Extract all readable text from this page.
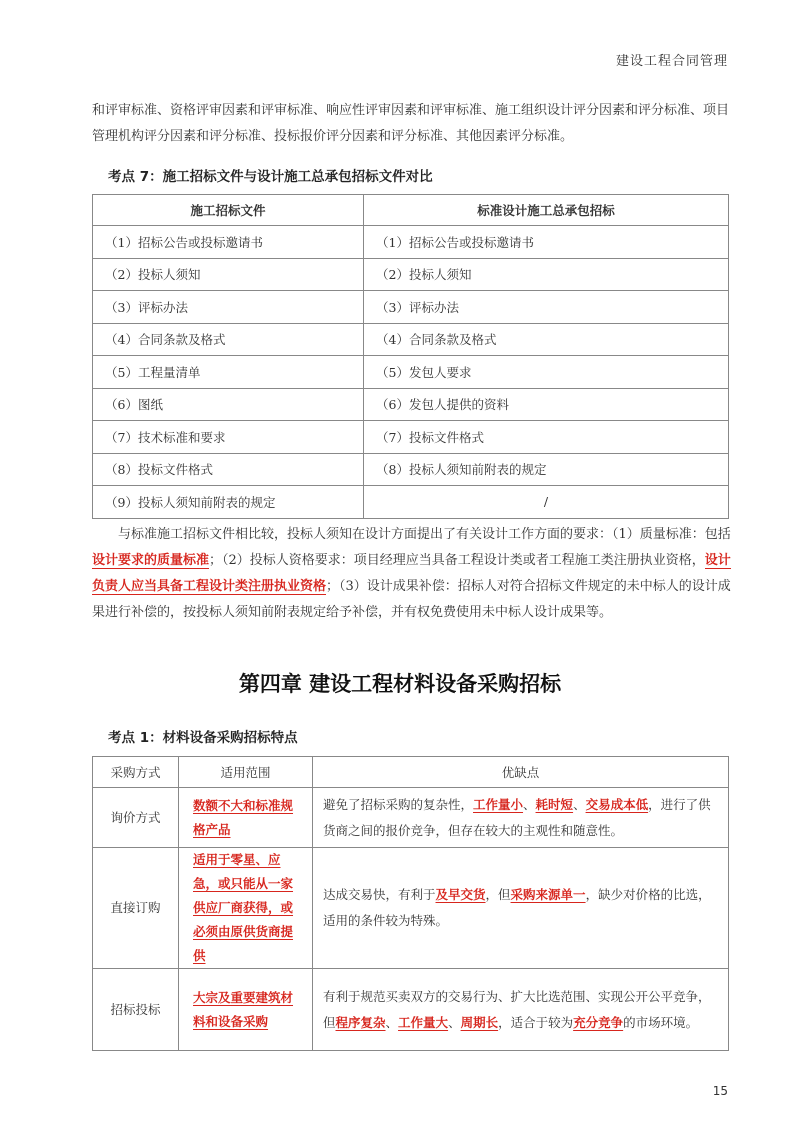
建设工程合同管理
和评审标准、资格评审因素和评审标准、响应性评审因素和评审标准、施工组织设计评分因素和评分标准、项目管理机构评分因素和评分标准、投标报价评分因素和评分标准、其他因素评分标准。
考点 7：施工招标文件与设计施工总承包招标文件对比
施工招标文件	标准设计施工总承包招标
（1）招标公告或投标邀请书	（1）招标公告或投标邀请书
（2）投标人须知	（2）投标人须知
（3）评标办法	（3）评标办法
（4）合同条款及格式	（4）合同条款及格式
（5）工程量清单	（5）发包人要求
（6）图纸	（6）发包人提供的资料
（7）技术标准和要求	（7）投标文件格式
（8）投标文件格式	（8）投标人须知前附表的规定
（9）投标人须知前附表的规定	/
与标准施工招标文件相比较，投标人须知在设计方面提出了有关设计工作方面的要求：（1）质量标准：包括设计要求的质量标准；（2）投标人资格要求：项目经理应当具备工程设计类或者工程施工类注册执业资格，设计负责人应当具备工程设计类注册执业资格；（3）设计成果补偿：招标人对符合招标文件规定的未中标人的设计成果进行补偿的，按投标人须知前附表规定给予补偿，并有权免费使用未中标人设计成果等。
第四章 建设工程材料设备采购招标
考点 1：材料设备采购招标特点
采购方式	适用范围	优缺点
询价方式	数额不大和标准规格产品	避免了招标采购的复杂性，工作量小、耗时短、交易成本低，进行了供货商之间的报价竞争，但存在较大的主观性和随意性。
直接订购	适用于零星、应急，或只能从一家供应厂商获得，或必须由原供货商提供	达成交易快，有利于及早交货，但采购来源单一，缺少对价格的比选，适用的条件较为特殊。
招标投标	大宗及重要建筑材料和设备采购	有利于规范买卖双方的交易行为、扩大比选范围、实现公开公平竞争，但程序复杂、工作量大、周期长，适合于较为充分竞争的市场环境。
15
